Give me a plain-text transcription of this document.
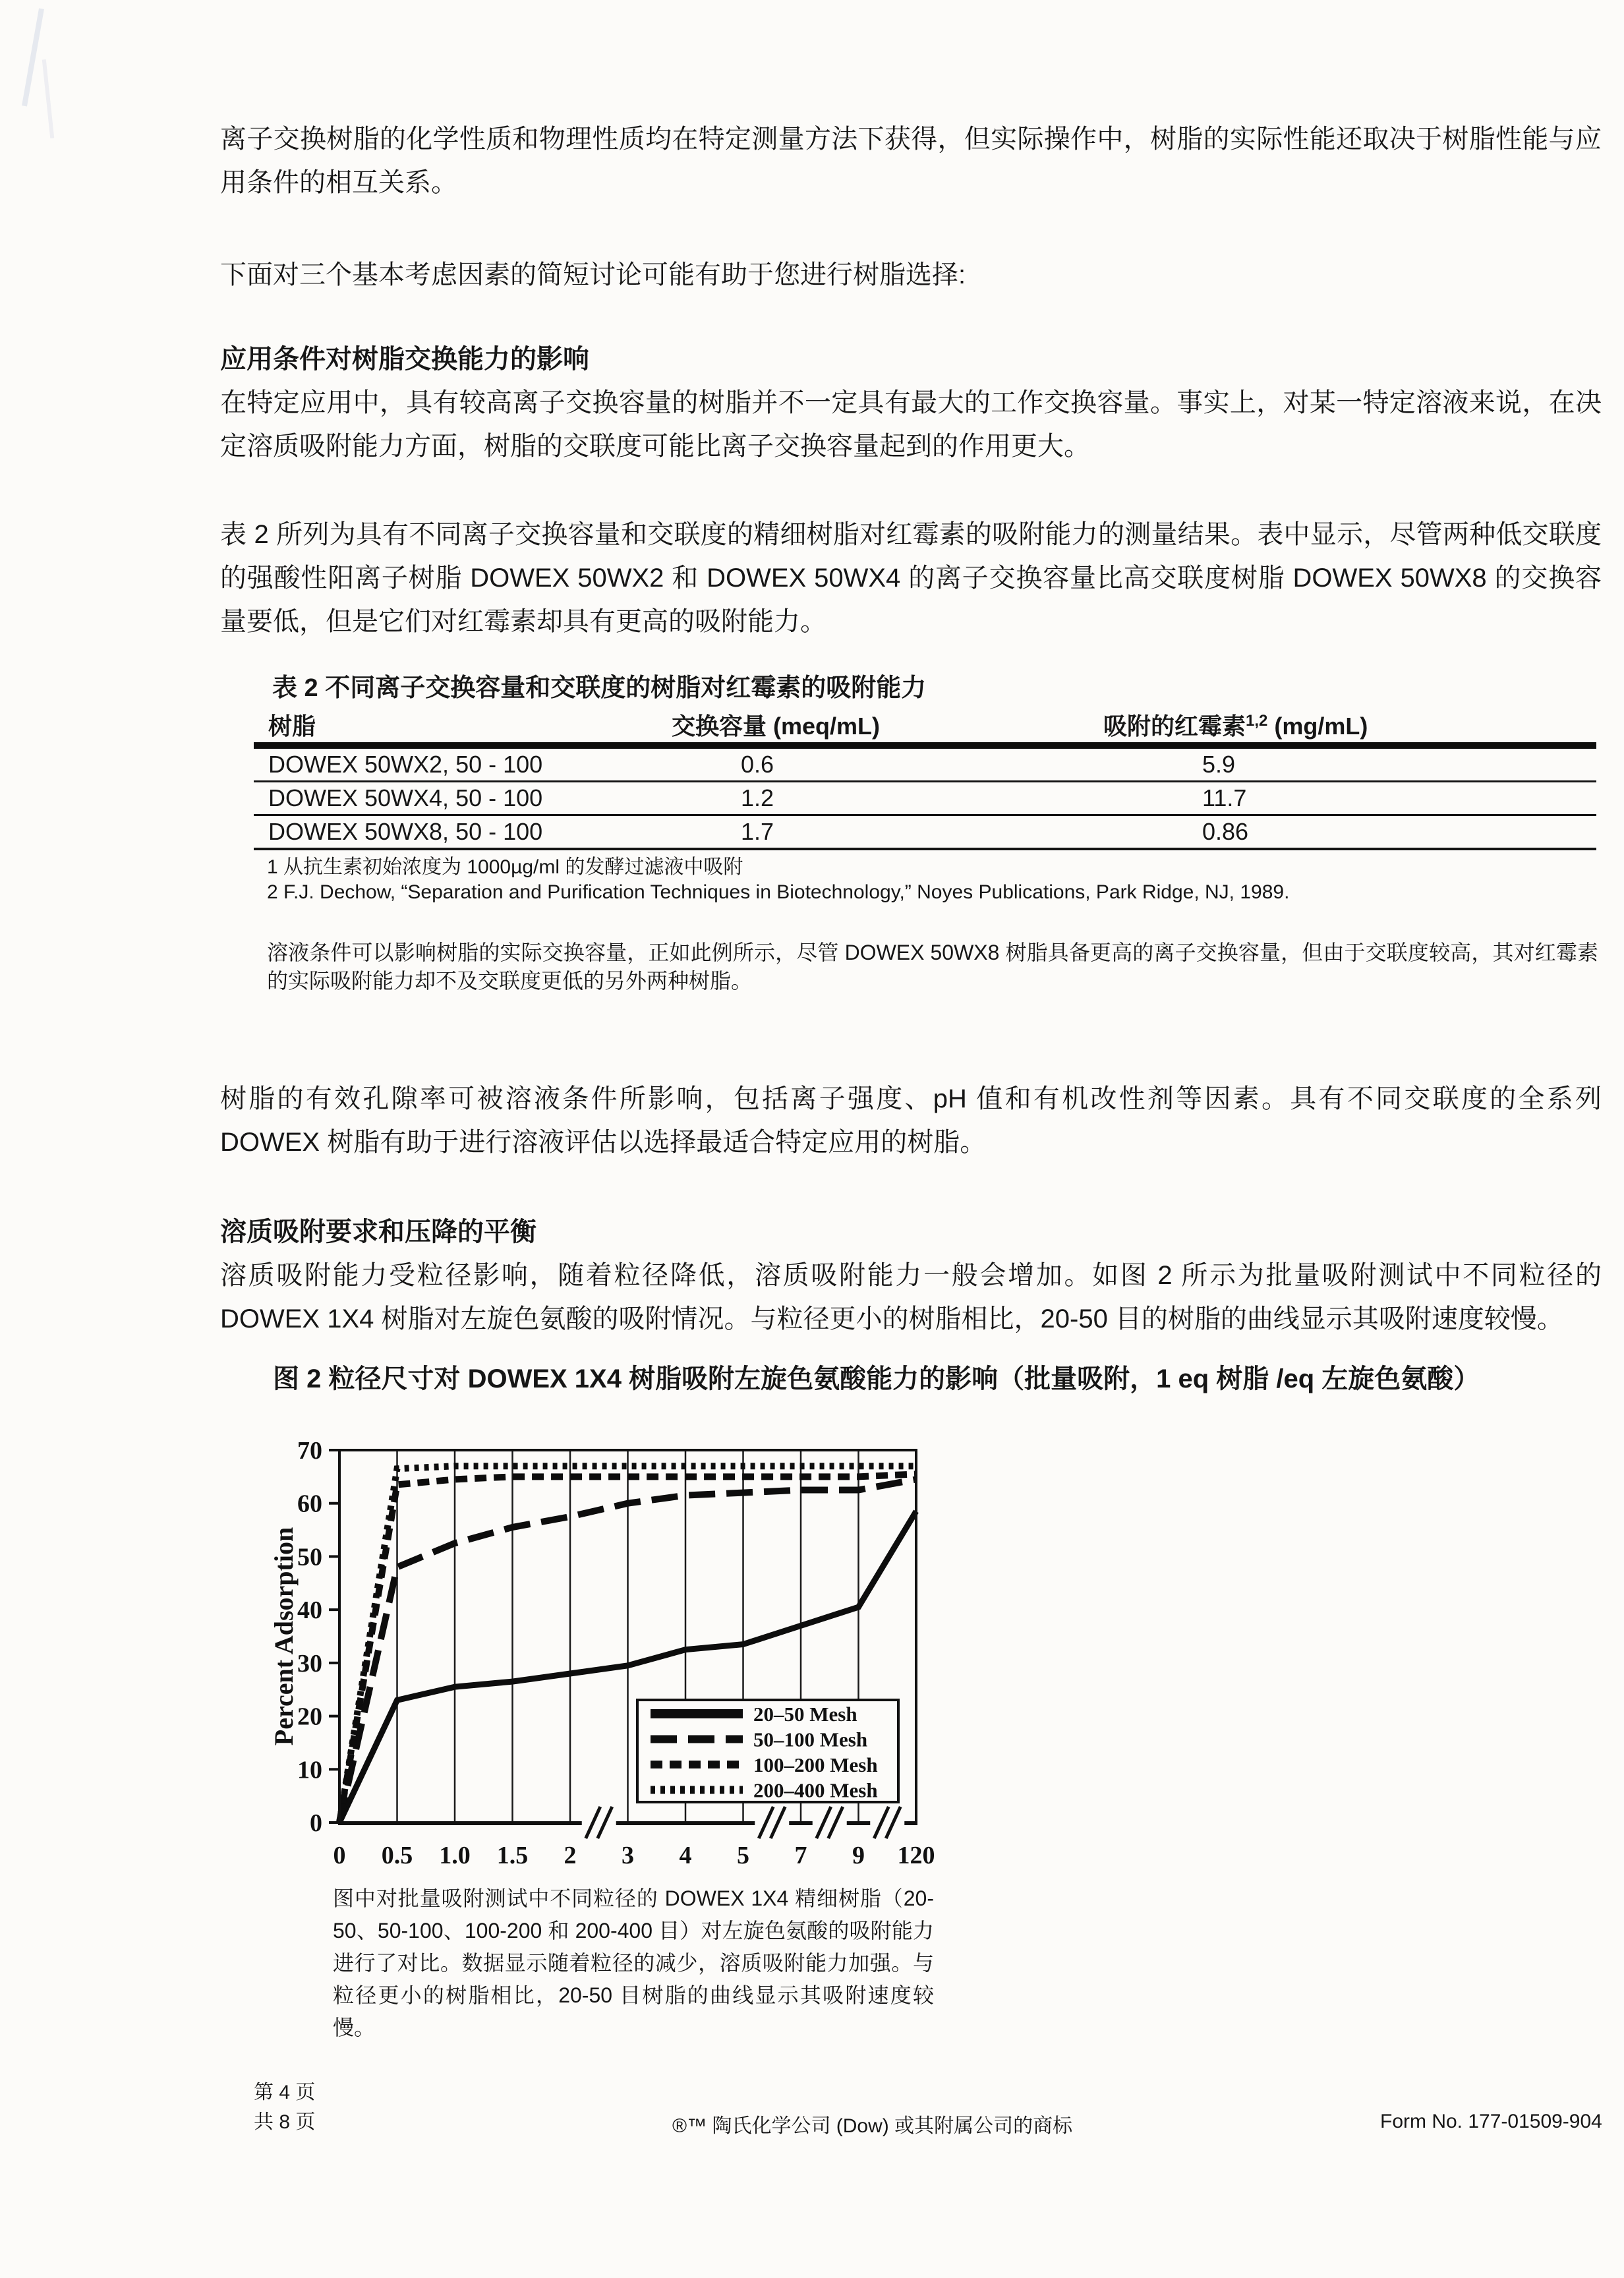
离子交换树脂的化学性质和物理性质均在特定测量方法下获得，但实际操作中，树脂的实际性能还取决于树脂性能与应用条件的相互关系。

下面对三个基本考虑因素的简短讨论可能有助于您进行树脂选择:

应用条件对树脂交换能力的影响

在特定应用中，具有较高离子交换容量的树脂并不一定具有最大的工作交换容量。事实上，对某一特定溶液来说，在决定溶质吸附能力方面，树脂的交联度可能比离子交换容量起到的作用更大。

表 2 所列为具有不同离子交换容量和交联度的精细树脂对红霉素的吸附能力的测量结果。表中显示，尽管两种低交联度的强酸性阳离子树脂 DOWEX 50WX2 和 DOWEX 50WX4 的离子交换容量比高交联度树脂 DOWEX 50WX8 的交换容量要低，但是它们对红霉素却具有更高的吸附能力。

表 2 不同离子交换容量和交联度的树脂对红霉素的吸附能力
树脂	交换容量 (meq/mL)	吸附的红霉素$^{1,2}$ (mg/mL)
DOWEX 50WX2, 50 - 100	0.6	5.9
DOWEX 50WX4, 50 - 100	1.2	11.7
DOWEX 50WX8, 50 - 100	1.7	0.86
1 从抗生素初始浓度为 1000µg/ml 的发酵过滤液中吸附
2 F.J. Dechow, “Separation and Purification Techniques in Biotechnology,” Noyes Publications, Park Ridge, NJ, 1989.
溶液条件可以影响树脂的实际交换容量，正如此例所示，尽管 DOWEX 50WX8 树脂具备更高的离子交换容量，但由于交联度较高，其对红霉素的实际吸附能力却不及交联度更低的另外两种树脂。

树脂的有效孔隙率可被溶液条件所影响，包括离子强度、pH 值和有机改性剂等因素。具有不同交联度的全系列 DOWEX 树脂有助于进行溶液评估以选择最适合特定应用的树脂。

溶质吸附要求和压降的平衡

溶质吸附能力受粒径影响，随着粒径降低，溶质吸附能力一般会增加。如图 2 所示为批量吸附测试中不同粒径的 DOWEX 1X4 树脂对左旋色氨酸的吸附情况。与粒径更小的树脂相比，20-50 目的树脂的曲线显示其吸附速度较慢。

图 2 粒径尺寸对 DOWEX 1X4 树脂吸附左旋色氨酸能力的影响（批量吸附，1 eq 树脂 /eq 左旋色氨酸）
0
10
20
30
40
50
60
70
0 0.5 1.0 1.5 2 3 4 5 7 9 120
20–50 Mesh
50–100 Mesh
100–200 Mesh
200–400 Mesh
Percent Adsorption
图中对批量吸附测试中不同粒径的 DOWEX 1X4 精细树脂（20-50、50-100、100-200 和 200-400 目）对左旋色氨酸的吸附能力进行了对比。数据显示随着粒径的减少，溶质吸附能力加强。与粒径更小的树脂相比，20-50 目树脂的曲线显示其吸附速度较慢。
第 4 页
共 8 页	®™ 陶氏化学公司 (Dow) 或其附属公司的商标	Form No. 177-01509-904
